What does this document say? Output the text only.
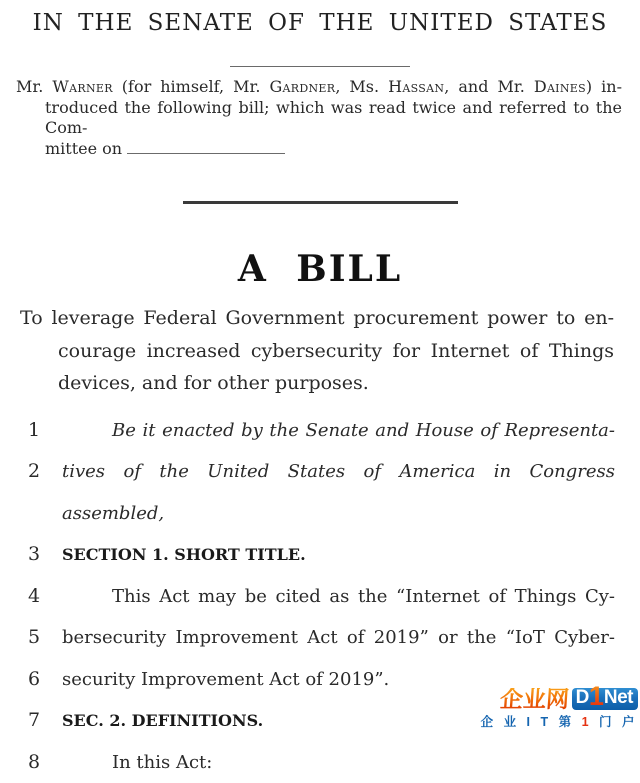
IN THE SENATE OF THE UNITED STATES
Mr. Warner (for himself, Mr. Gardner, Ms. Hassan, and Mr. Daines) in-
troduced the following bill; which was read twice and referred to the Com-
mittee on
A BILL
To leverage Federal Government procurement power to en-
courage increased cybersecurity for Internet of Things
devices, and for other purposes.
1	Be it enacted by the Senate and House of Representa-
2	tives of the United States of America in Congress assembled,
3	SECTION 1. SHORT TITLE.
4	This Act may be cited as the “Internet of Things Cy-
5	bersecurity Improvement Act of 2019” or the “IoT Cyber-
6	security Improvement Act of 2019”.
7	SEC. 2. DEFINITIONS.
8	In this Act:
企业网 D1Net
企 业 I T 第 1 门 户
